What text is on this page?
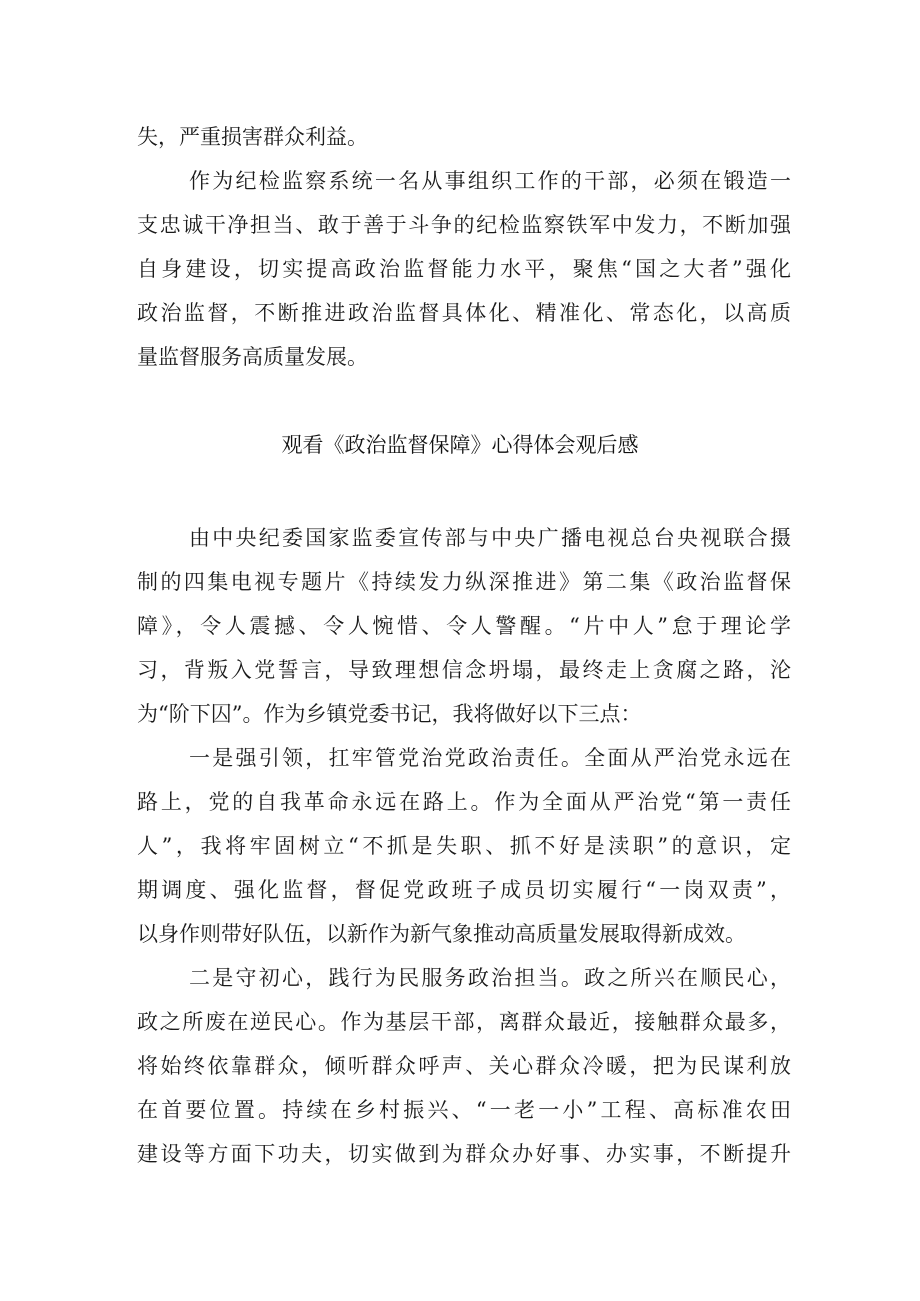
失，严重损害群众利益。
作为纪检监察系统一名从事组织工作的干部，必须在锻造一
支忠诚干净担当、敢于善于斗争的纪检监察铁军中发力，不断加强
自身建设，切实提高政治监督能力水平，聚焦“国之大者”强化
政治监督，不断推进政治监督具体化、精准化、常态化，以高质
量监督服务高质量发展。
观看《政治监督保障》心得体会观后感
由中央纪委国家监委宣传部与中央广播电视总台央视联合摄
制的四集电视专题片《持续发力纵深推进》第二集《政治监督保
障》，令人震撼、令人惋惜、令人警醒。“片中人”怠于理论学
习，背叛入党誓言，导致理想信念坍塌，最终走上贪腐之路，沦
为“阶下囚”。作为乡镇党委书记，我将做好以下三点：
一是强引领，扛牢管党治党政治责任。全面从严治党永远在
路上，党的自我革命永远在路上。作为全面从严治党“第一责任
人”，我将牢固树立“不抓是失职、抓不好是渎职”的意识，定
期调度、强化监督，督促党政班子成员切实履行“一岗双责”，
以身作则带好队伍，以新作为新气象推动高质量发展取得新成效。
二是守初心，践行为民服务政治担当。政之所兴在顺民心，
政之所废在逆民心。作为基层干部，离群众最近，接触群众最多，
将始终依靠群众，倾听群众呼声、关心群众冷暖，把为民谋利放
在首要位置。持续在乡村振兴、“一老一小”工程、高标准农田
建设等方面下功夫，切实做到为群众办好事、办实事，不断提升
